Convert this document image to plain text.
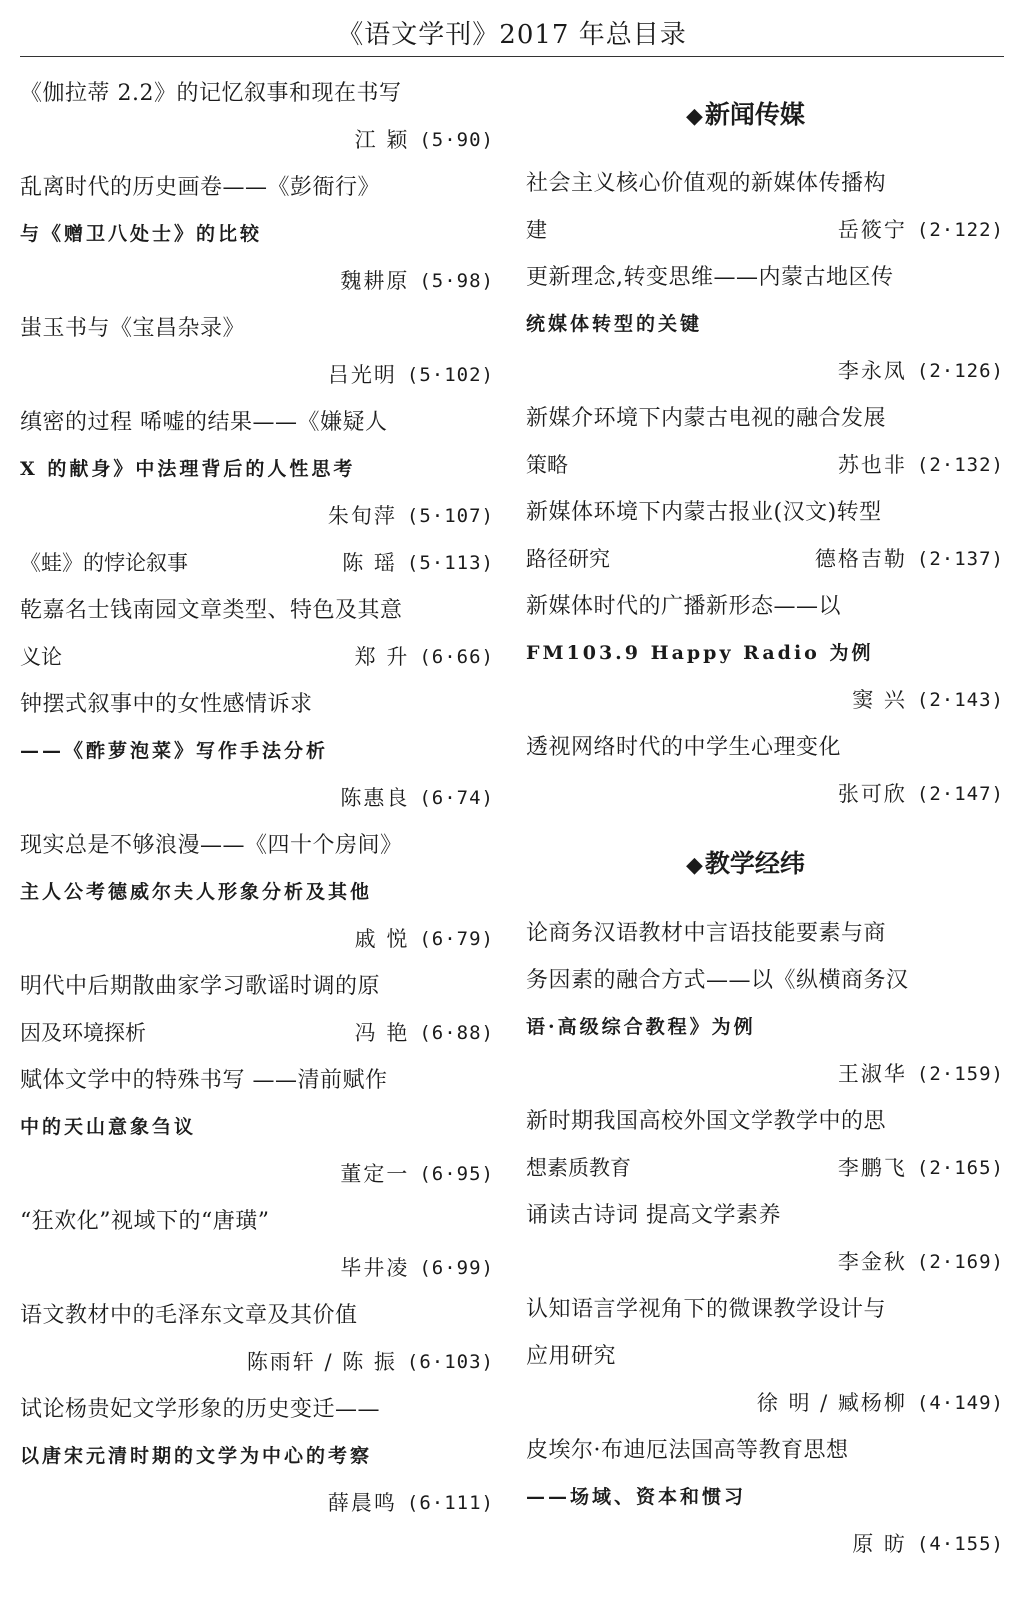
《语文学刊》2017 年总目录
《伽拉蒂 2.2》的记忆叙事和现在书写
江 颖 (5·90)
乱离时代的历史画卷——《彭衙行》
与《赠卫八处士》的比较
魏耕原 (5·98)
蚩玉书与《宝昌杂录》
吕光明 (5·102)
缜密的过程 唏嘘的结果——《嫌疑人
X 的献身》中法理背后的人性思考
朱旬萍 (5·107)
《蛙》的悖论叙事	陈 瑶 (5·113)
乾嘉名士钱南园文章类型、特色及其意
义论	郑 升 (6·66)
钟摆式叙事中的女性感情诉求
——《酢萝泡菜》写作手法分析
陈惠良 (6·74)
现实总是不够浪漫——《四十个房间》
主人公考德威尔夫人形象分析及其他
戚 悦 (6·79)
明代中后期散曲家学习歌谣时调的原
因及环境探析	冯 艳 (6·88)
赋体文学中的特殊书写 ——清前赋作
中的天山意象刍议
董定一 (6·95)
“狂欢化”视域下的“唐璜”
毕井凌 (6·99)
语文教材中的毛泽东文章及其价值
陈雨轩 / 陈 振 (6·103)
试论杨贵妃文学形象的历史变迁——
以唐宋元清时期的文学为中心的考察
薛晨鸣 (6·111)
◆新闻传媒
社会主义核心价值观的新媒体传播构
建	岳筱宁 (2·122)
更新理念,转变思维——内蒙古地区传
统媒体转型的关键
李永凤 (2·126)
新媒介环境下内蒙古电视的融合发展
策略	苏也非 (2·132)
新媒体环境下内蒙古报业(汉文)转型
路径研究	德格吉勒 (2·137)
新媒体时代的广播新形态——以
FM103.9 Happy Radio 为例
窦 兴 (2·143)
透视网络时代的中学生心理变化
张可欣 (2·147)
◆教学经纬
论商务汉语教材中言语技能要素与商
务因素的融合方式——以《纵横商务汉
语·高级综合教程》为例
王淑华 (2·159)
新时期我国高校外国文学教学中的思
想素质教育	李鹏飞 (2·165)
诵读古诗词 提高文学素养
李金秋 (2·169)
认知语言学视角下的微课教学设计与
应用研究
徐 明 / 臧杨柳 (4·149)
皮埃尔·布迪厄法国高等教育思想
——场域、资本和惯习
原 昉 (4·155)
